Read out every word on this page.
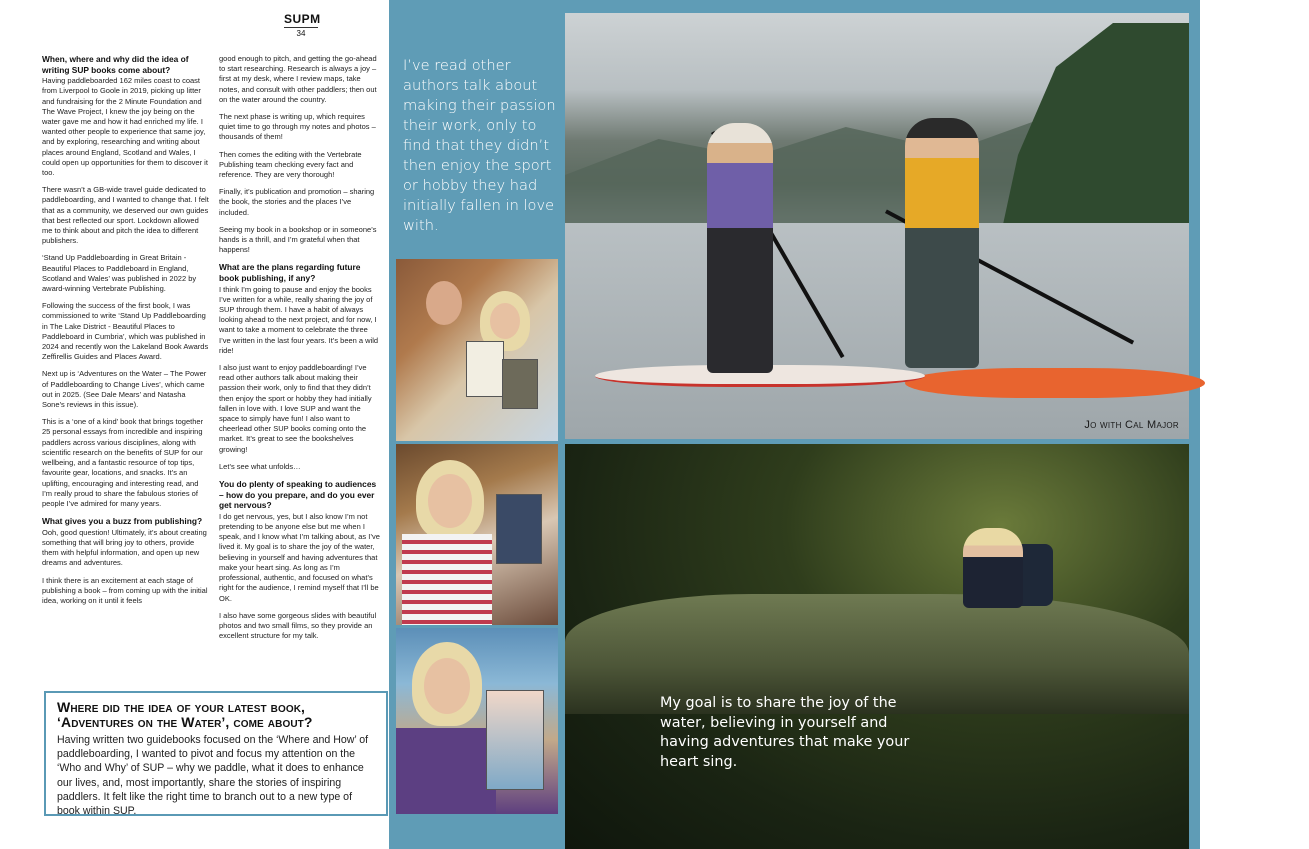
SUPM
34
When, where and why did the idea of writing SUP books come about?

Having paddleboarded 162 miles coast to coast from Liverpool to Goole in 2019, picking up litter and fundraising for the 2 Minute Foundation and The Wave Project, I knew the joy being on the water gave me and how it had enriched my life. I wanted other people to experience that same joy, and by exploring, researching and writing about places around England, Scotland and Wales, I could open up opportunities for them to discover it too.

There wasn’t a GB-wide travel guide dedicated to paddleboarding, and I wanted to change that. I felt that as a community, we deserved our own guides that best reflected our sport. Lockdown allowed me to think about and pitch the idea to different publishers.

‘Stand Up Paddleboarding in Great Britain - Beautiful Places to Paddleboard in England, Scotland and Wales’ was published in 2022 by award-winning Vertebrate Publishing.

Following the success of the first book, I was commissioned to write ‘Stand Up Paddleboarding in The Lake District - Beautiful Places to Paddleboard in Cumbria’, which was published in 2024 and recently won the Lakeland Book Awards Zeffirellis Guides and Places Award.

Next up is ‘Adventures on the Water – The Power of Paddleboarding to Change Lives’, which came out in 2025. (See Dale Mears’ and Natasha Sone’s reviews in this issue).

This is a ‘one of a kind’ book that brings together 25 personal essays from incredible and inspiring paddlers across various disciplines, along with scientific research on the benefits of SUP for our wellbeing, and a fantastic resource of top tips, favourite gear, locations, and snacks. It’s an uplifting, encouraging and interesting read, and I’m really proud to share the fabulous stories of people I’ve admired for many years.

What gives you a buzz from publishing?

Ooh, good question! Ultimately, it’s about creating something that will bring joy to others, provide them with helpful information, and open up new dreams and adventures.

I think there is an excitement at each stage of publishing a book – from coming up with the initial idea, working on it until it feels

good enough to pitch, and getting the go-ahead to start researching. Research is always a joy – first at my desk, where I review maps, take notes, and consult with other paddlers; then out on the water around the country.

The next phase is writing up, which requires quiet time to go through my notes and photos – thousands of them!

Then comes the editing with the Vertebrate Publishing team checking every fact and reference. They are very thorough!

Finally, it’s publication and promotion – sharing the book, the stories and the places I’ve included.

Seeing my book in a bookshop or in someone’s hands is a thrill, and I’m grateful when that happens!

What are the plans regarding future book publishing, if any?

I think I’m going to pause and enjoy the books I’ve written for a while, really sharing the joy of SUP through them. I have a habit of always looking ahead to the next project, and for now, I want to take a moment to celebrate the three I’ve written in the last four years. It’s been a wild ride!

I also just want to enjoy paddleboarding! I’ve read other authors talk about making their passion their work, only to find that they didn’t then enjoy the sport or hobby they had initially fallen in love with. I love SUP and want the space to simply have fun! I also want to cheerlead other SUP books coming onto the market. It’s great to see the bookshelves growing!

Let’s see what unfolds…

You do plenty of speaking to audiences – how do you prepare, and do you ever get nervous?

I do get nervous, yes, but I also know I’m not pretending to be anyone else but me when I speak, and I know what I’m talking about, as I’ve lived it. My goal is to share the joy of the water, believing in yourself and having adventures that make your heart sing. As long as I’m professional, authentic, and focused on what’s right for the audience, I remind myself that I’ll be OK.

I also have some gorgeous slides with beautiful photos and two small films, so they provide an excellent structure for my talk.

Where did the idea of your latest book, ‘Adventures on the Water’, come about?

Having written two guidebooks focused on the ‘Where and How’ of paddleboarding, I wanted to pivot and focus my attention on the ‘Who and Why’ of SUP – why we paddle, what it does to enhance our lives, and, most importantly, share the stories of inspiring paddlers. It felt like the right time to branch out to a new type of book within SUP.

SUPM
35
I’ve read other authors talk about making their passion their work, only to find that they didn’t then enjoy the sport or hobby they had initially fallen in love with.
Jo with Cal Major
My goal is to share the joy of the water, believing in yourself and having adventures that make your heart sing.
